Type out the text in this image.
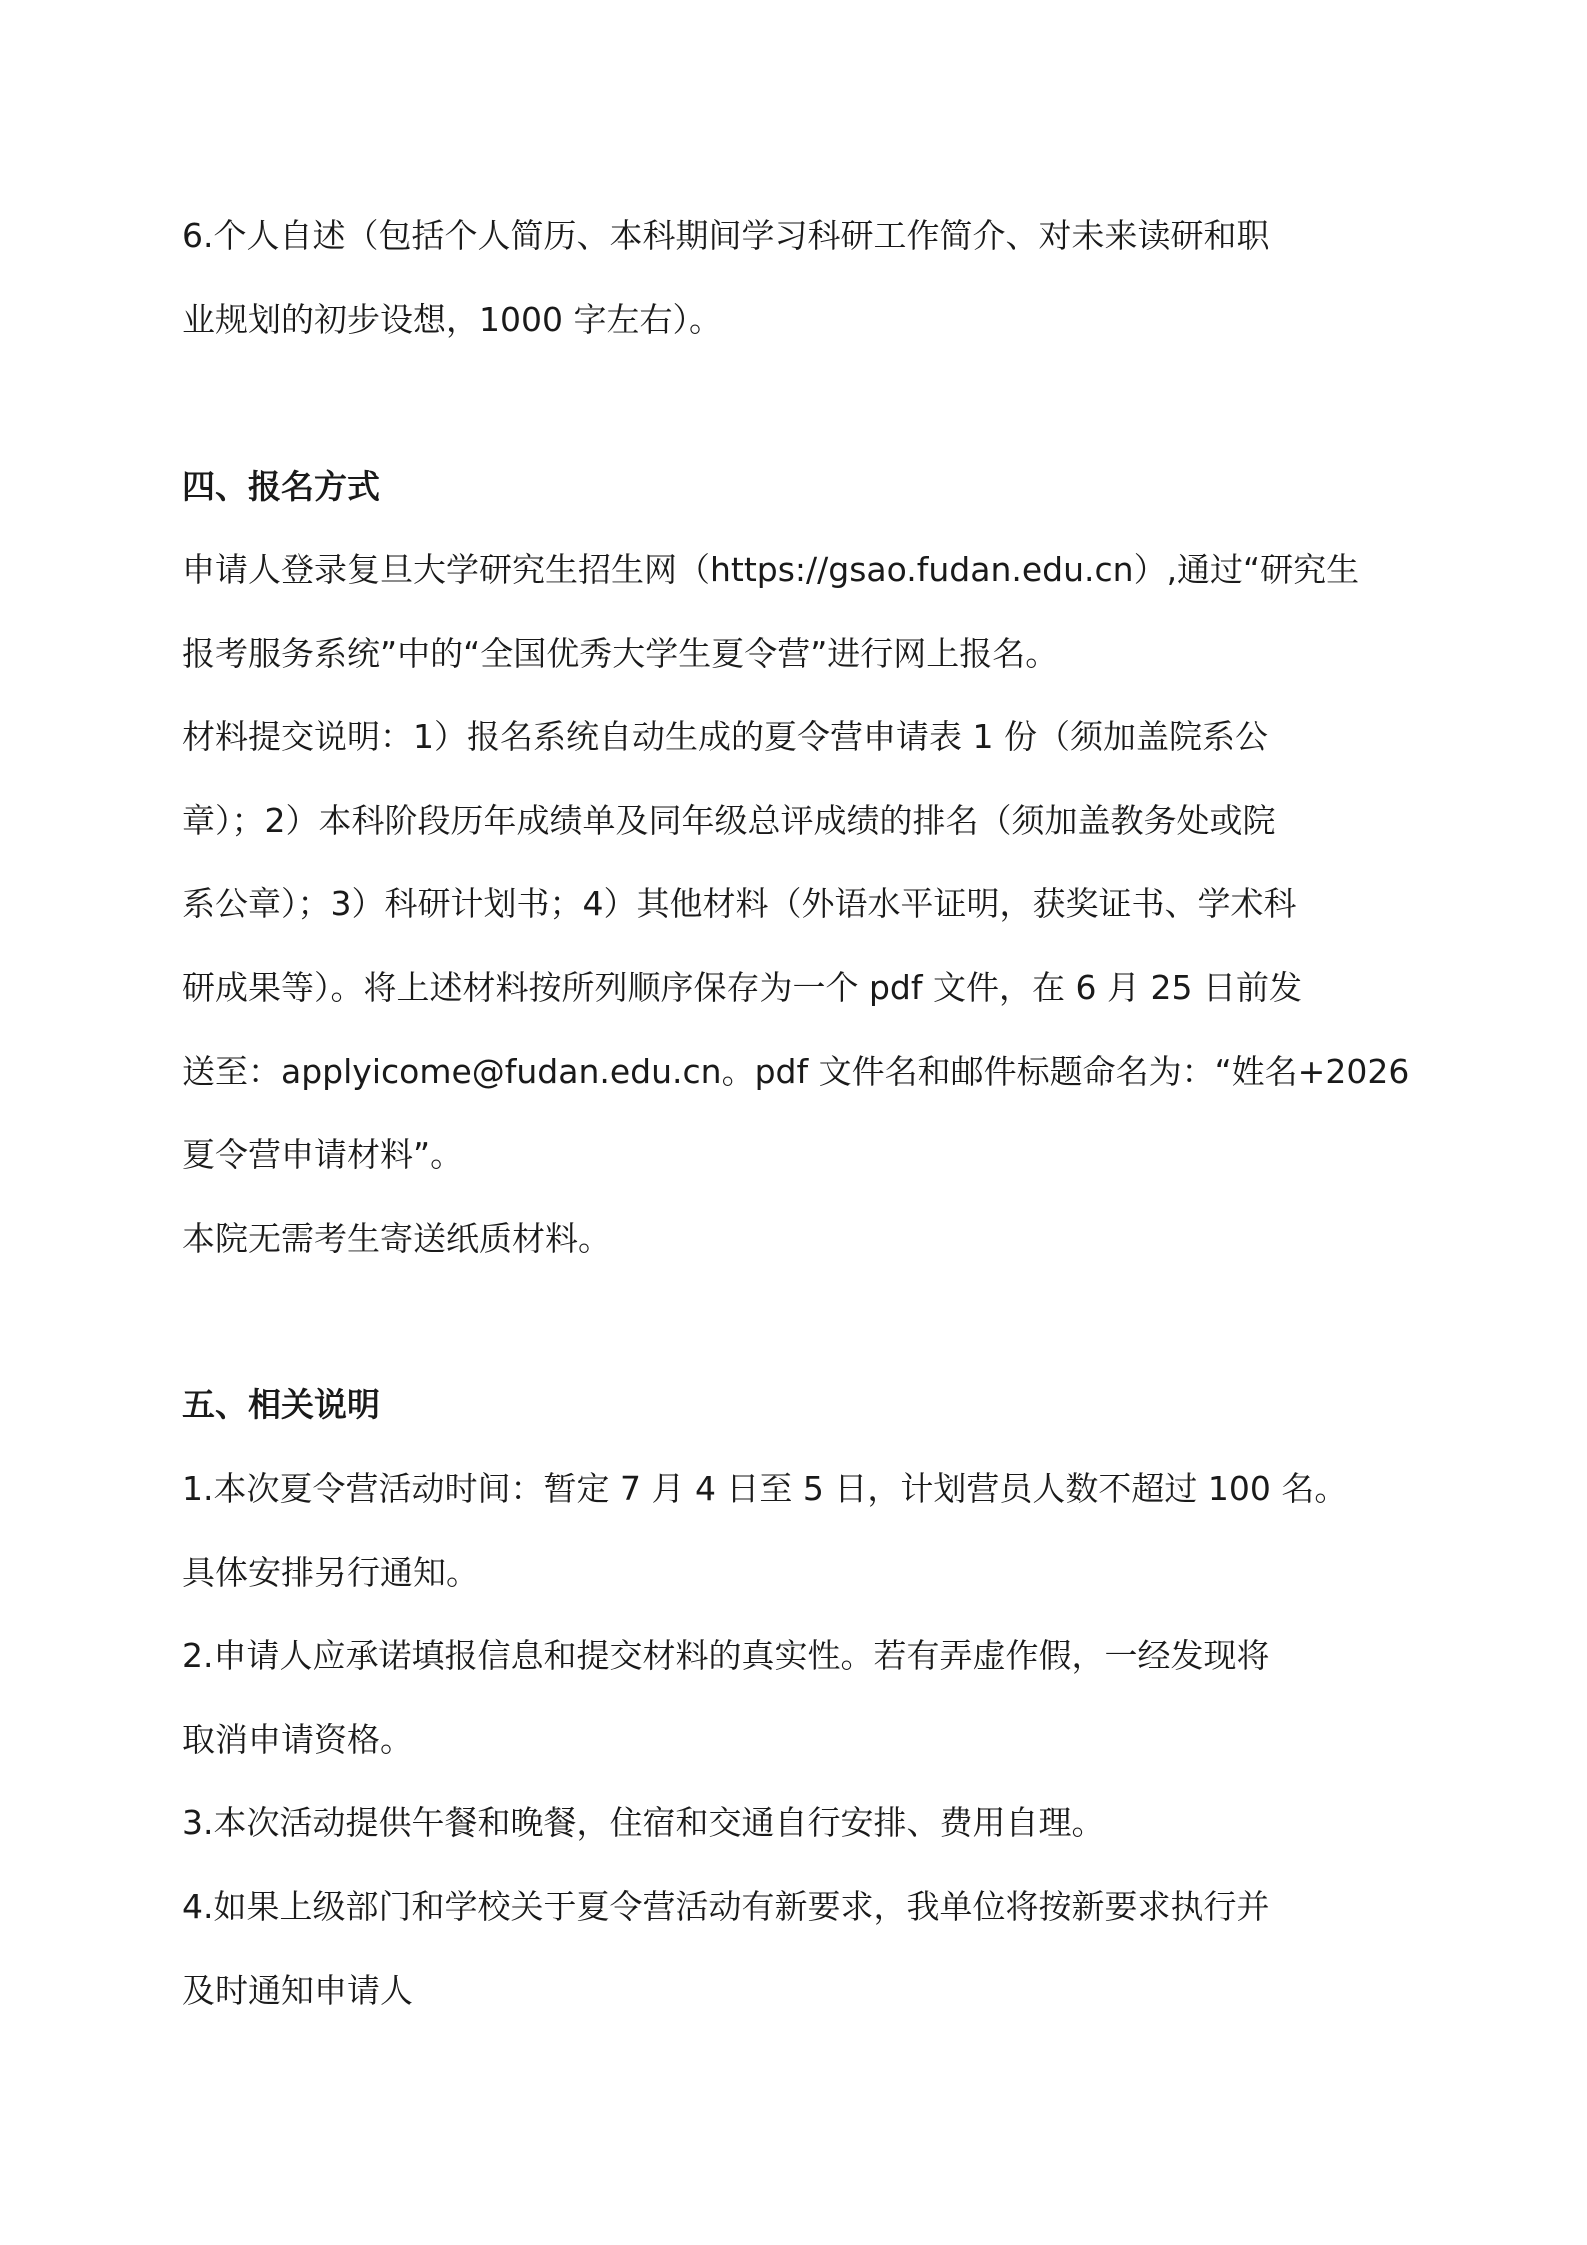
6.个人自述（包括个人简历、本科期间学习科研工作简介、对未来读研和职
业规划的初步设想，1000 字左右）。
四、报名方式
申请人登录复旦大学研究生招生网（https://gsao.fudan.edu.cn）,通过“研究生
报考服务系统”中的“全国优秀大学生夏令营”进行网上报名。
材料提交说明：1）报名系统自动生成的夏令营申请表 1 份（须加盖院系公
章）；2）本科阶段历年成绩单及同年级总评成绩的排名（须加盖教务处或院
系公章）；3）科研计划书；4）其他材料（外语水平证明，获奖证书、学术科
研成果等）。将上述材料按所列顺序保存为一个 pdf 文件，在 6 月 25 日前发
送至：applyicome@fudan.edu.cn。pdf 文件名和邮件标题命名为：“姓名+2026
夏令营申请材料”。
本院无需考生寄送纸质材料。
五、相关说明
1.本次夏令营活动时间：暂定 7 月 4 日至 5 日，计划营员人数不超过 100 名。
具体安排另行通知。
2.申请人应承诺填报信息和提交材料的真实性。若有弄虚作假，一经发现将
取消申请资格。
3.本次活动提供午餐和晚餐，住宿和交通自行安排、费用自理。
4.如果上级部门和学校关于夏令营活动有新要求，我单位将按新要求执行并
及时通知申请人
